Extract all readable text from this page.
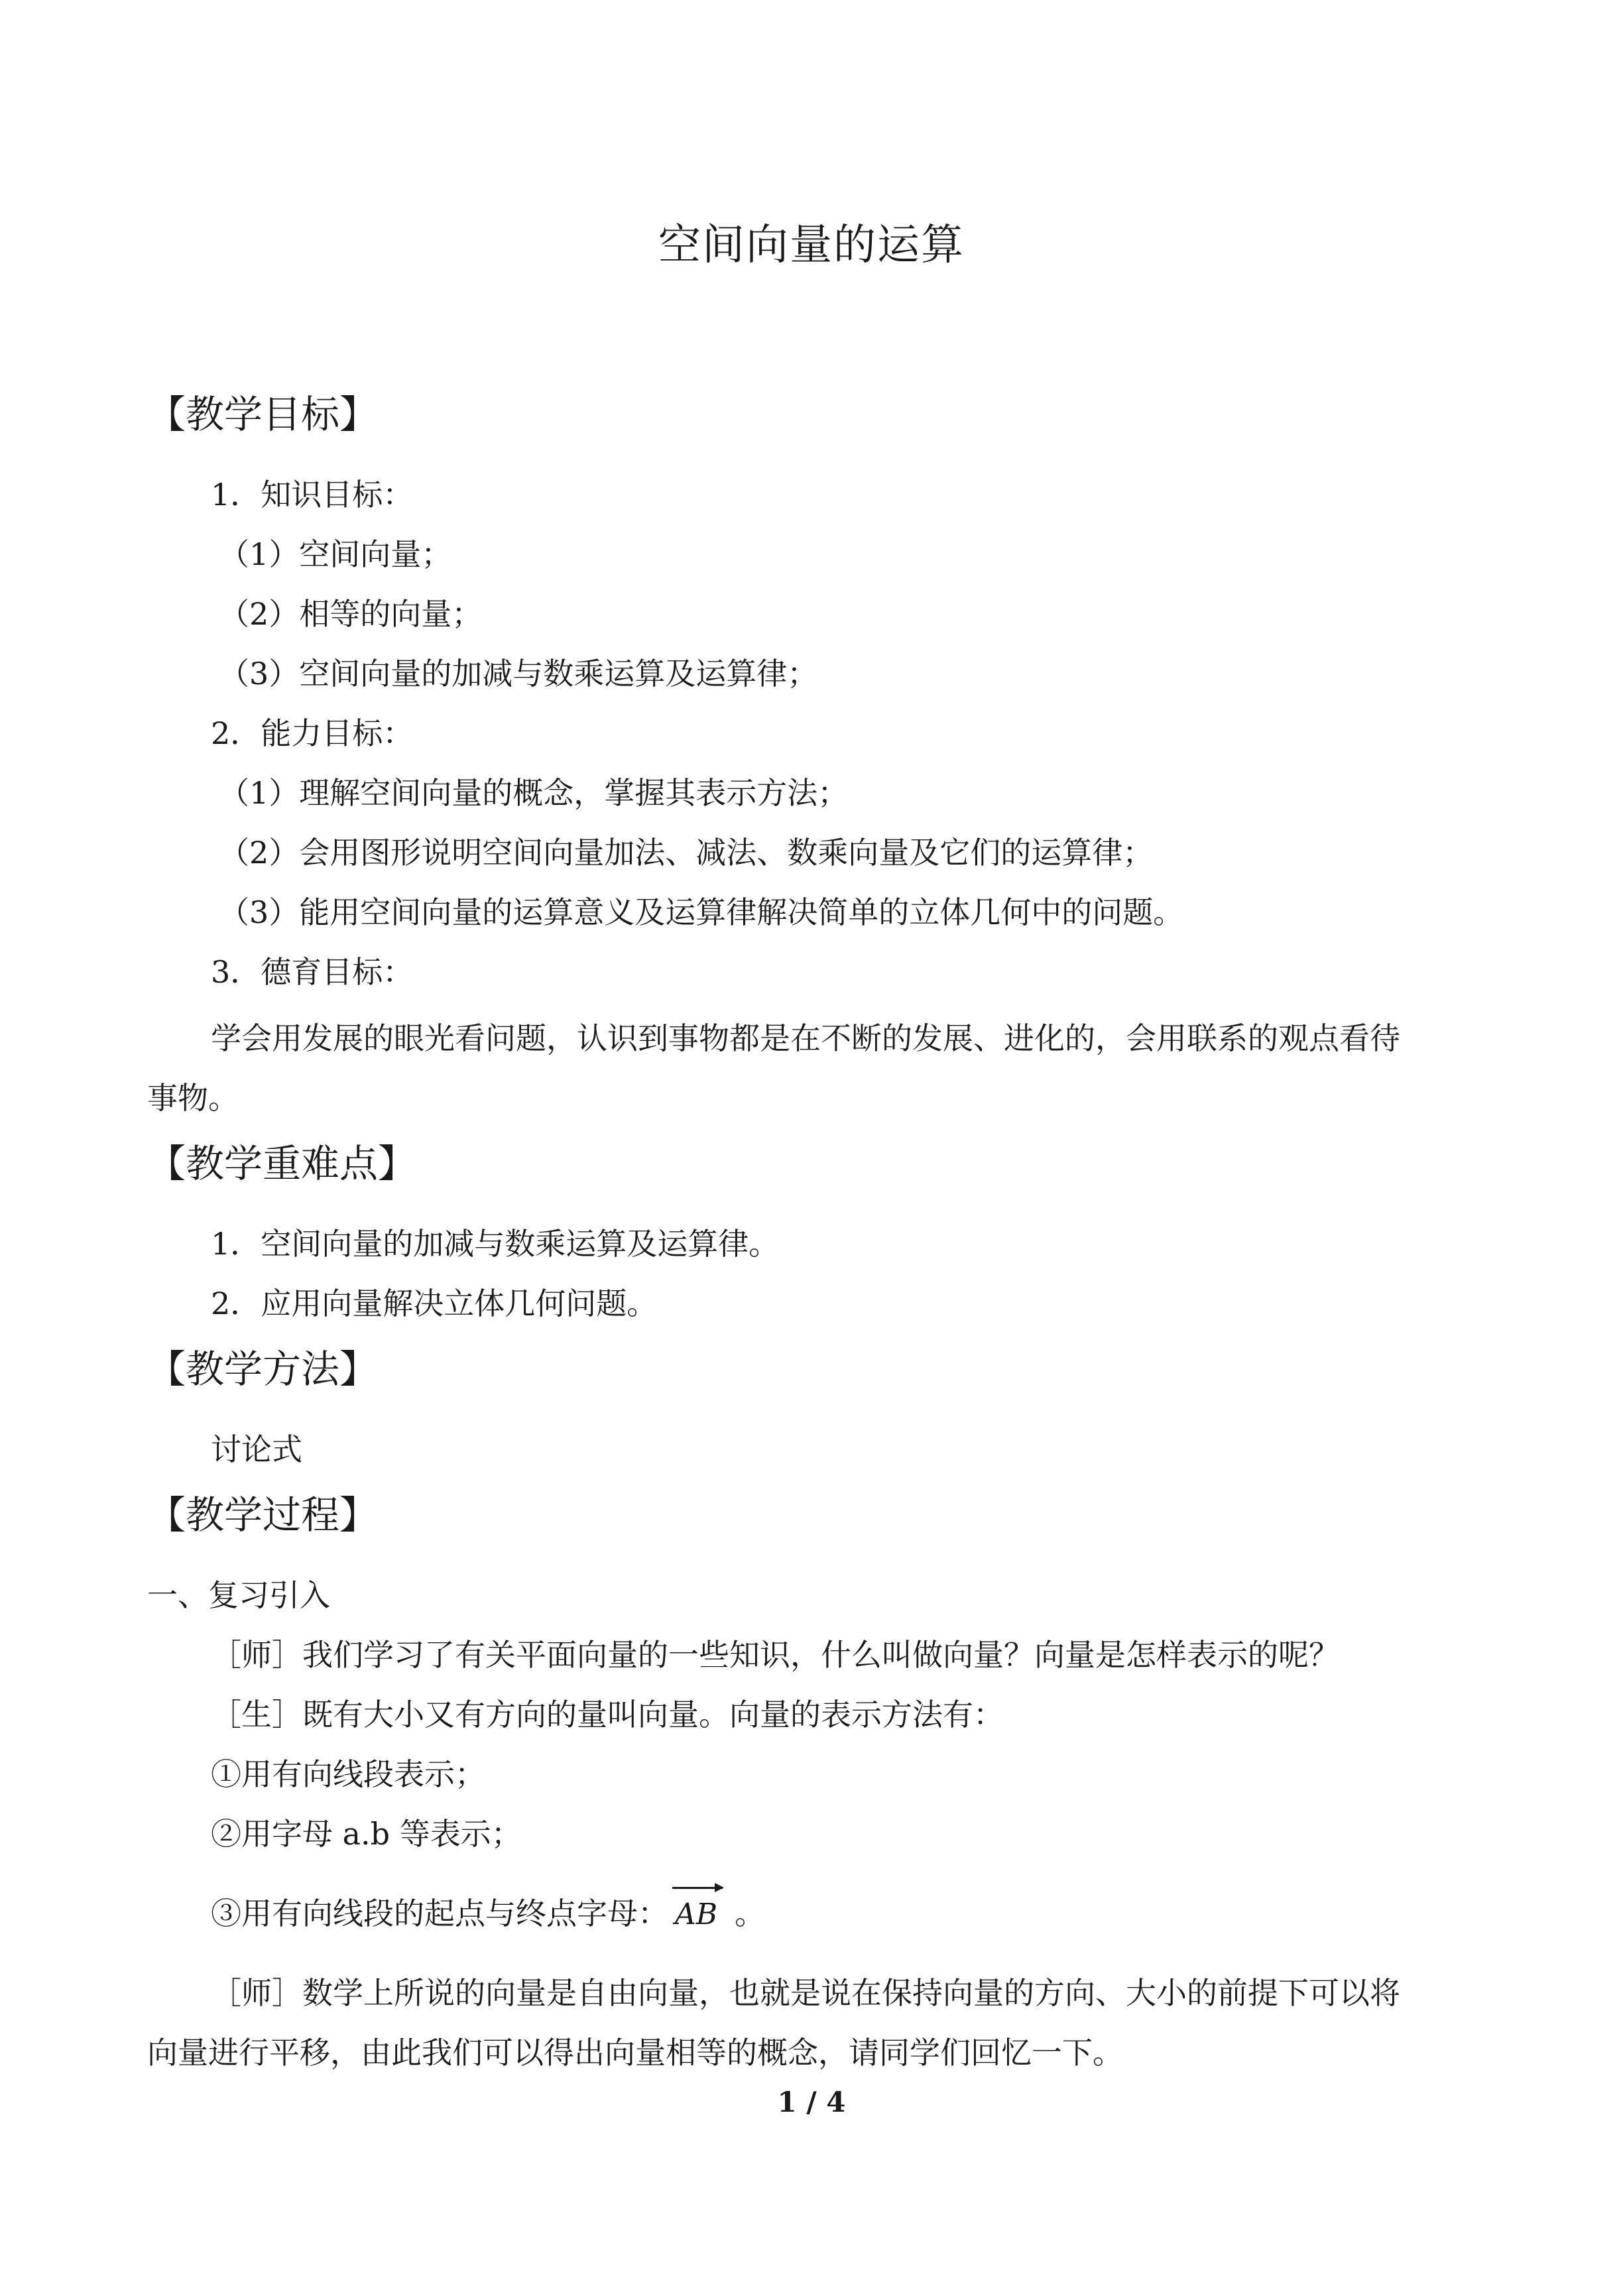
空间向量的运算
【教学目标】
1．知识目标：
（1）空间向量；
（2）相等的向量；
（3）空间向量的加减与数乘运算及运算律；
2．能力目标：
（1）理解空间向量的概念，掌握其表示方法；
（2）会用图形说明空间向量加法、减法、数乘向量及它们的运算律；
（3）能用空间向量的运算意义及运算律解决简单的立体几何中的问题。
3．德育目标：
学会用发展的眼光看问题，认识到事物都是在不断的发展、进化的，会用联系的观点看待
事物。
【教学重难点】
1．空间向量的加减与数乘运算及运算律。
2．应用向量解决立体几何问题。
【教学方法】
讨论式
【教学过程】
一、复习引入
［师］我们学习了有关平面向量的一些知识，什么叫做向量？向量是怎样表示的呢？
［生］既有大小又有方向的量叫向量。向量的表示方法有：
①用有向线段表示；
②用字母 a.b 等表示；
③用有向线段的起点与终点字母： AB 。
［师］数学上所说的向量是自由向量，也就是说在保持向量的方向、大小的前提下可以将
向量进行平移，由此我们可以得出向量相等的概念，请同学们回忆一下。
1 / 4
